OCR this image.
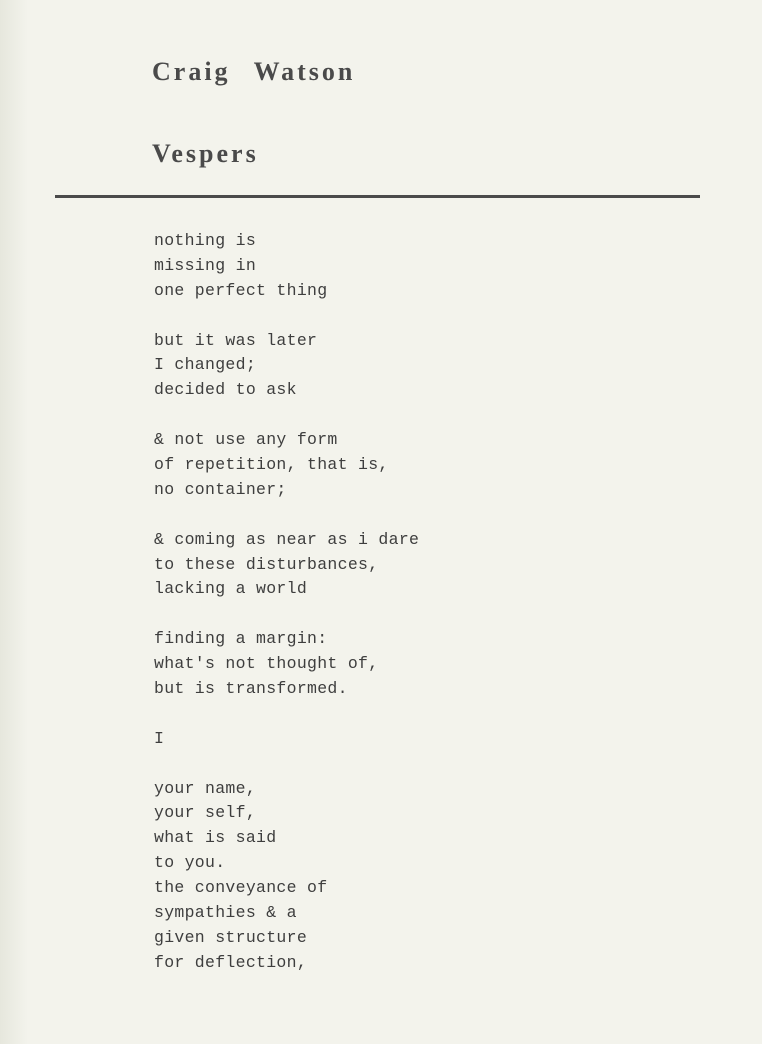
Craig Watson
Vespers

nothing is
missing in
one perfect thing

but it was later
I changed;
decided to ask

& not use any form
of repetition, that is,
no container;

& coming as near as i dare
to these disturbances,
lacking a world

finding a margin:
what's not thought of,
but is transformed.

I

your name,
your self,
what is said
to you.
the conveyance of
sympathies & a
given structure
for deflection,
